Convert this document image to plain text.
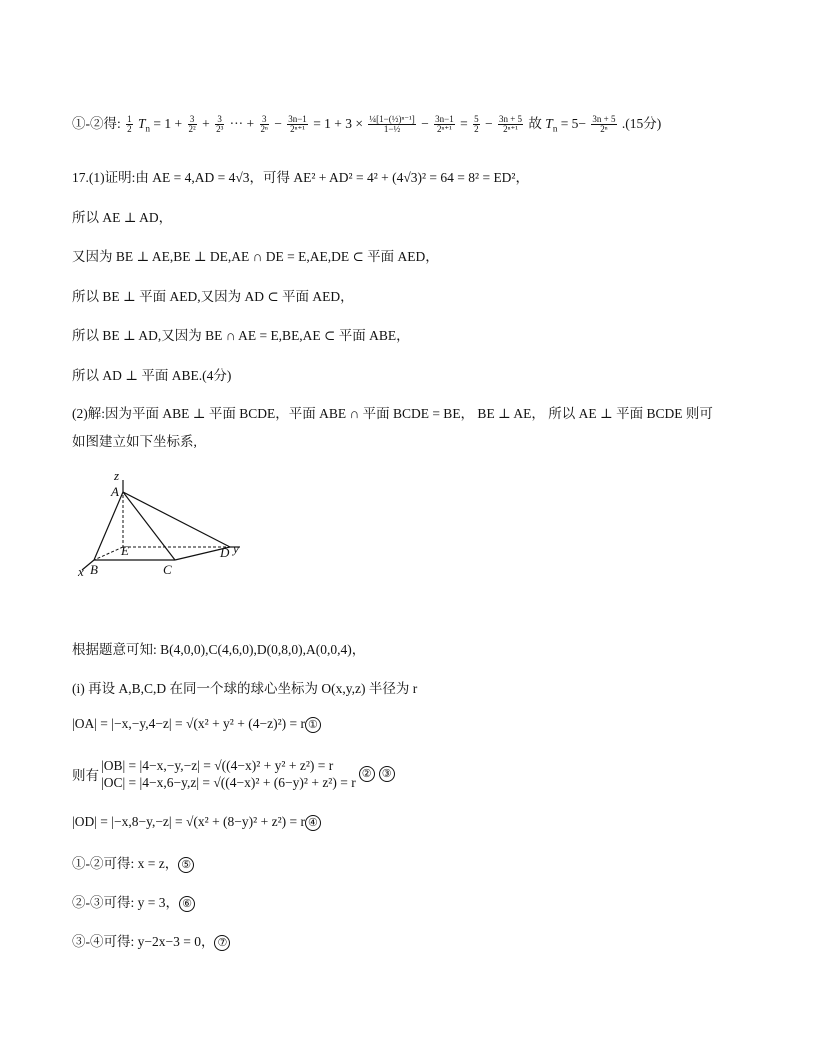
①-②得: $\frac{1}{2} T_n = 1 + \frac{3}{\text{2²}} + \frac{3}{\text{2³}}$ ··· + $\frac{3}{\text{2ⁿ}} - \frac{3n-1}{\text{2ⁿ⁺¹}} = 1 + 3 \times \frac{\text{¼[1−(½)ⁿ⁻¹]}}{\text{1−½}} - \frac{3n-1}{\text{2ⁿ⁺¹}} = \frac{5}{2} - \frac{3n + 5}{\text{2ⁿ⁺¹}}$ 故 $T_n = 5- \frac{3n + 5}{\text{2ⁿ}} .(15$分)
17.(1)证明:由 AE = 4,AD = 4√3，可得 AE² + AD² = 4² + (4√3)² = 64 = 8² = ED²，
所以 AE ⊥ AD，
又因为 BE ⊥ AE,BE ⊥ DE,AE ∩ DE = E,AE,DE ⊂ 平面 AED，
所以 BE ⊥ 平面 AED,又因为 AD ⊂ 平面 AED，
所以 BE ⊥ AD,又因为 BE ∩ AE = E,BE,AE ⊂ 平面 ABE，
所以 AD ⊥ 平面 ABE.(4分)
(2)解:因为平面 ABE ⊥ 平面 BCDE，平面 ABE ∩ 平面 BCDE = BE， BE ⊥ AE， 所以 AE ⊥ 平面 BCDE 则可
如图建立如下坐标系,
z
A
E	D y
x B	C
根据题意可知: B(4,0,0),C(4,6,0),D(0,8,0),A(0,0,4)，
(i) 再设 A,B,C,D 在同一个球的球心坐标为 O(x,y,z) 半径为 r
|OA| = |−x,−y,4−z| = √(x² + y² + (4−z)²) = r ①
则有
|OB| = |4−x,−y,−z| = √((4−x)² + y² + z²) = r
|OC| = |4−x,6−y,z| = √((4−x)² + (6−y)² + z²) = r
② ③
|OD| = |−x,8−y,−z| = √(x² + (8−y)² + z²) = r ④
①-②可得: x = z， ⑤
②-③可得: y = 3， ⑥
③-④可得: y−2x−3 = 0， ⑦
